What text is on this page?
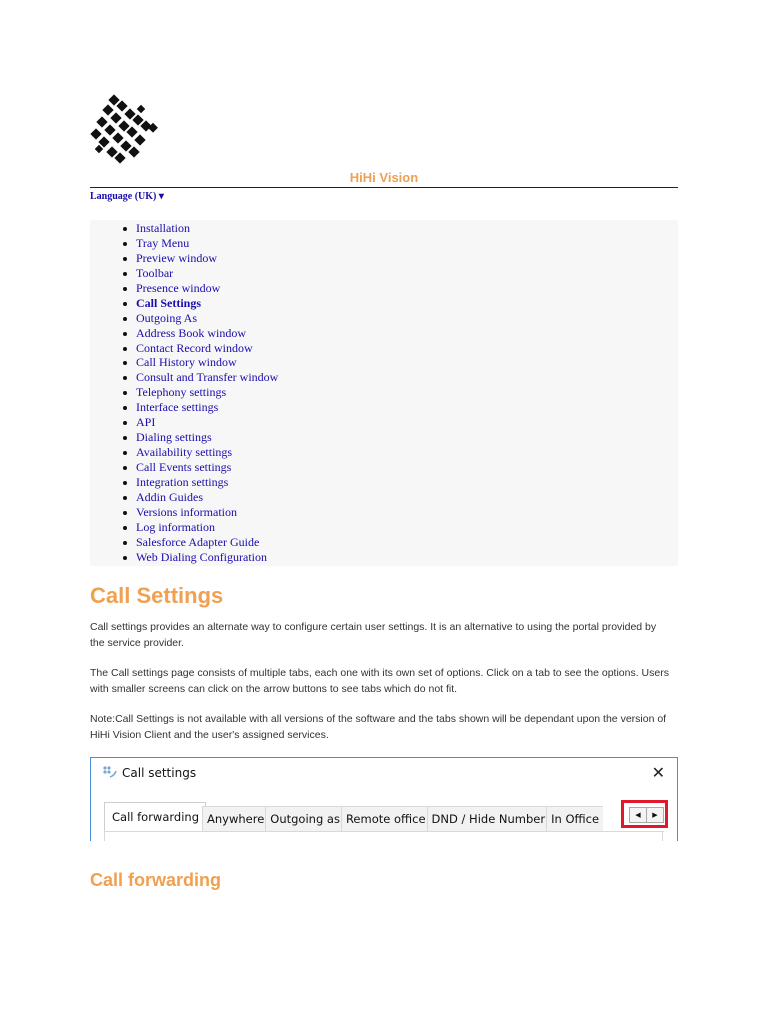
HiHi Vision
Language (UK) ▾
Installation
Tray Menu
Preview window
Toolbar
Presence window
Call Settings
Outgoing As
Address Book window
Contact Record window
Call History window
Consult and Transfer window
Telephony settings
Interface settings
API
Dialing settings
Availability settings
Call Events settings
Integration settings
Addin Guides
Versions information
Log information
Salesforce Adapter Guide
Web Dialing Configuration
Call Settings

Call settings provides an alternate way to configure certain user settings. It is an alternative to using the portal provided by the service provider.

The Call settings page consists of multiple tabs, each one with its own set of options. Click on a tab to see the options. Users with smaller screens can click on the arrow buttons to see tabs which do not fit.

Note:Call Settings is not available with all versions of the software and the tabs shown will be dependant upon the version of HiHi Vision Client and the user's assigned services.

Call settings	✕
Call forwarding Anywhere Outgoing as Remote office DND / Hide Number In Office	◀	▶
Call forwarding
